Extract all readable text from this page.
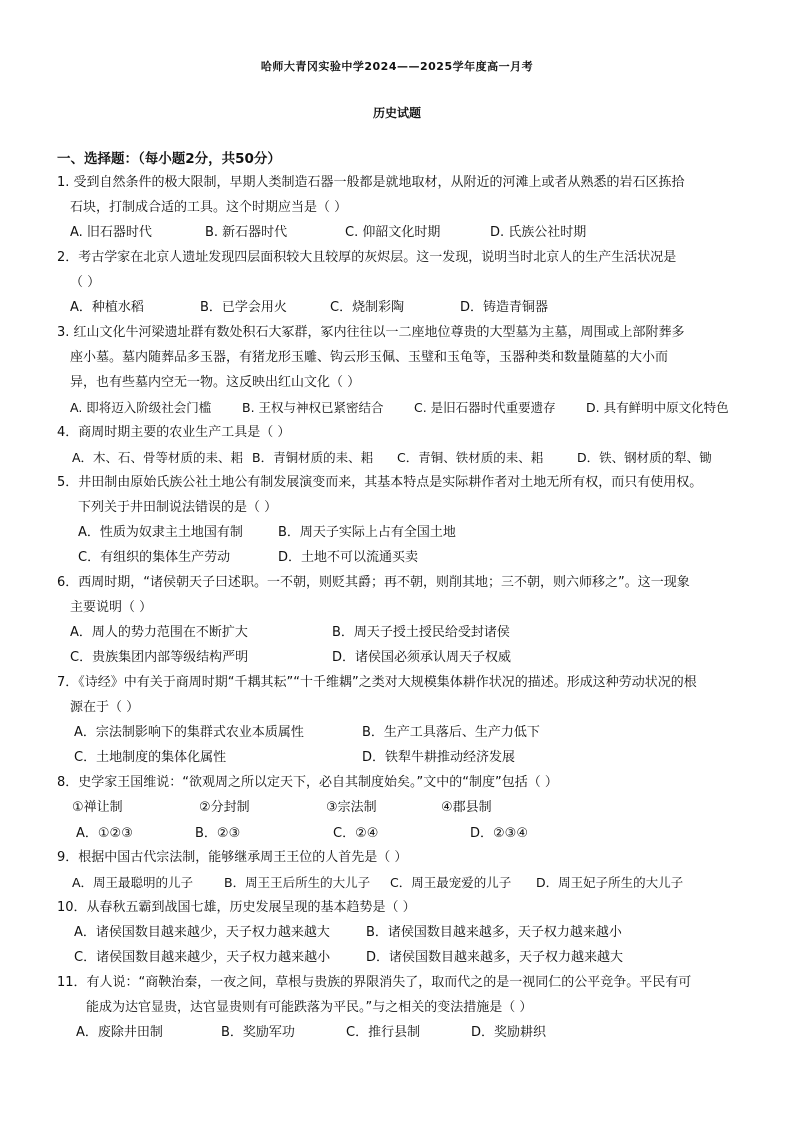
哈师大青冈实验中学2024——2025学年度高一月考
历史试题
一、选择题：（每小题2分，共50分）
1. 受到自然条件的极大限制，早期人类制造石器一般都是就地取材，从附近的河滩上或者从熟悉的岩石区拣拾
石块，打制成合适的工具。这个时期应当是（ ）
A. 旧石器时代	B. 新石器时代	C. 仰韶文化时期	D. 氏族公社时期
2．考古学家在北京人遗址发现四层面积较大且较厚的灰烬层。这一发现，说明当时北京人的生产生活状况是
（ ）
A．种植水稻	B．已学会用火	C．烧制彩陶	D．铸造青铜器
3. 红山文化牛河梁遗址群有数处积石大冢群，冢内往往以一二座地位尊贵的大型墓为主墓，周围或上部附葬多
座小墓。墓内随葬品多玉器，有猪龙形玉雕、钩云形玉佩、玉璧和玉龟等，玉器种类和数量随墓的大小而
异，也有些墓内空无一物。这反映出红山文化（ ）
A. 即将迈入阶级社会门槛 B. 王权与神权已紧密结合 C. 是旧石器时代重要遗存 D. 具有鲜明中原文化特色
4．商周时期主要的农业生产工具是（ ）
A．木、石、骨等材质的耒、耜 B．青铜材质的耒、耜 C．青铜、铁材质的耒、耜	D．铁、钢材质的犁、锄
5．井田制由原始氏族公社土地公有制发展演变而来，其基本特点是实际耕作者对土地无所有权，而只有使用权。
下列关于井田制说法错误的是（ ）
A．性质为奴隶主土地国有制	B．周天子实际上占有全国土地
C．有组织的集体生产劳动	D．土地不可以流通买卖
6．西周时期，“诸侯朝天子曰述职。一不朝，则贬其爵；再不朝，则削其地；三不朝，则六师移之”。这一现象
主要说明（ ）
A．周人的势力范围在不断扩大	B．周天子授土授民给受封诸侯
C．贵族集团内部等级结构严明	D．诸侯国必须承认周天子权威
7．《诗经》中有关于商周时期“千耦其耘”“十千维耦”之类对大规模集体耕作状况的描述。形成这种劳动状况的根
源在于（ ）
A．宗法制影响下的集群式农业本质属性	B．生产工具落后、生产力低下
C．土地制度的集体化属性	D．铁犁牛耕推动经济发展
8．史学家王国维说：“欲观周之所以定天下，必自其制度始矣。”文中的“制度”包括（ ）
①禅让制	②分封制	③宗法制	④郡县制
A．①②③	B．②③	C．②④	D．②③④
9．根据中国古代宗法制，能够继承周王王位的人首先是（ ）
A．周王最聪明的儿子 B．周王王后所生的大儿子 C．周王最宠爱的儿子 D．周王妃子所生的大儿子
10．从春秋五霸到战国七雄，历史发展呈现的基本趋势是（ ）
A．诸侯国数目越来越少，天子权力越来越大	B．诸侯国数目越来越多，天子权力越来越小
C．诸侯国数目越来越少，天子权力越来越小	D．诸侯国数目越来越多，天子权力越来越大
11．有人说：“商鞅治秦，一夜之间，草根与贵族的界限消失了，取而代之的是一视同仁的公平竞争。平民有可
能成为达官显贵，达官显贵则有可能跌落为平民。”与之相关的变法措施是（ ）
A．废除井田制	B．奖励军功	C．推行县制	D．奖励耕织
